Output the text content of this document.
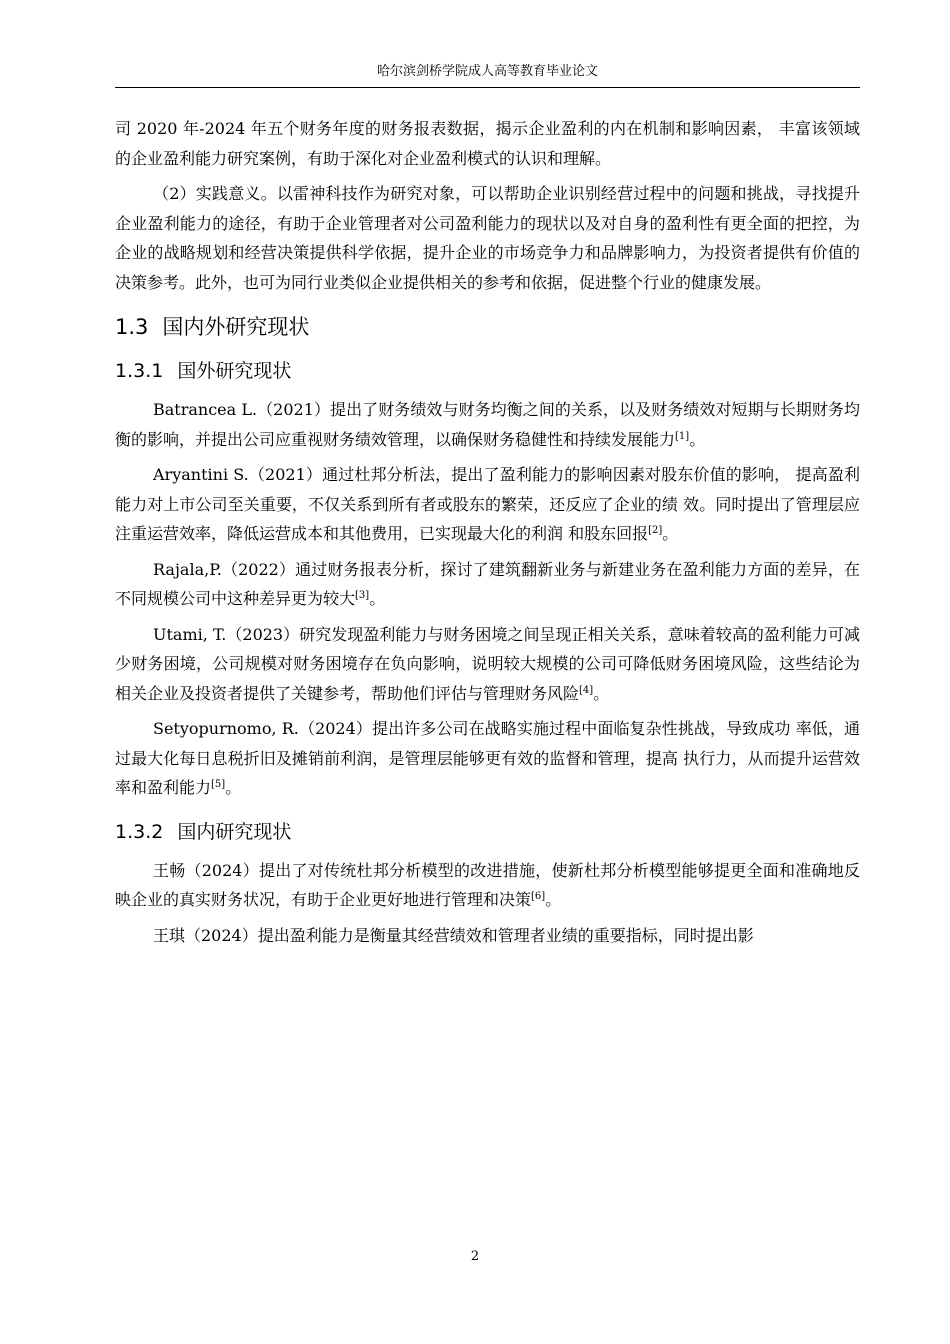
哈尔滨剑桥学院成人高等教育毕业论文

司 2020 年-2024 年五个财务年度的财务报表数据，揭示企业盈利的内在机制和影响因素， 丰富该领域的企业盈利能力研究案例，有助于深化对企业盈利模式的认识和理解。

（2）实践意义。以雷神科技作为研究对象，可以帮助企业识别经营过程中的问题和挑战，寻找提升企业盈利能力的途径，有助于企业管理者对公司盈利能力的现状以及对自身的盈利性有更全面的把控，为企业的战略规划和经营决策提供科学依据，提升企业的市场竞争力和品牌影响力，为投资者提供有价值的决策参考。此外，也可为同行业类似企业提供相关的参考和依据，促进整个行业的健康发展。

1.3 国内外研究现状
1.3.1 国外研究现状

Batrancea L.（2021）提出了财务绩效与财务均衡之间的关系，以及财务绩效对短期与长期财务均衡的影响，并提出公司应重视财务绩效管理，以确保财务稳健性和持续发展能力[1]。

Aryantini S.（2021）通过杜邦分析法，提出了盈利能力的影响因素对股东价值的影响， 提高盈利能力对上市公司至关重要，不仅关系到所有者或股东的繁荣，还反应了企业的绩 效。同时提出了管理层应注重运营效率，降低运营成本和其他费用，已实现最大化的利润 和股东回报[2]。

Rajala,P.（2022）通过财务报表分析，探讨了建筑翻新业务与新建业务在盈利能力方面的差异，在不同规模公司中这种差异更为较大[3]。

Utami, T.（2023）研究发现盈利能力与财务困境之间呈现正相关关系，意味着较高的盈利能力可减少财务困境，公司规模对财务困境存在负向影响，说明较大规模的公司可降低财务困境风险，这些结论为相关企业及投资者提供了关键参考，帮助他们评估与管理财务风险[4]。

Setyopurnomo, R.（2024）提出许多公司在战略实施过程中面临复杂性挑战，导致成功 率低，通过最大化每日息税折旧及摊销前利润，是管理层能够更有效的监督和管理，提高 执行力，从而提升运营效率和盈利能力[5]。

1.3.2 国内研究现状

王畅（2024）提出了对传统杜邦分析模型的改进措施，使新杜邦分析模型能够提更全面和准确地反映企业的真实财务状况，有助于企业更好地进行管理和决策[6]。

王琪（2024）提出盈利能力是衡量其经营绩效和管理者业绩的重要指标，同时提出影

2
